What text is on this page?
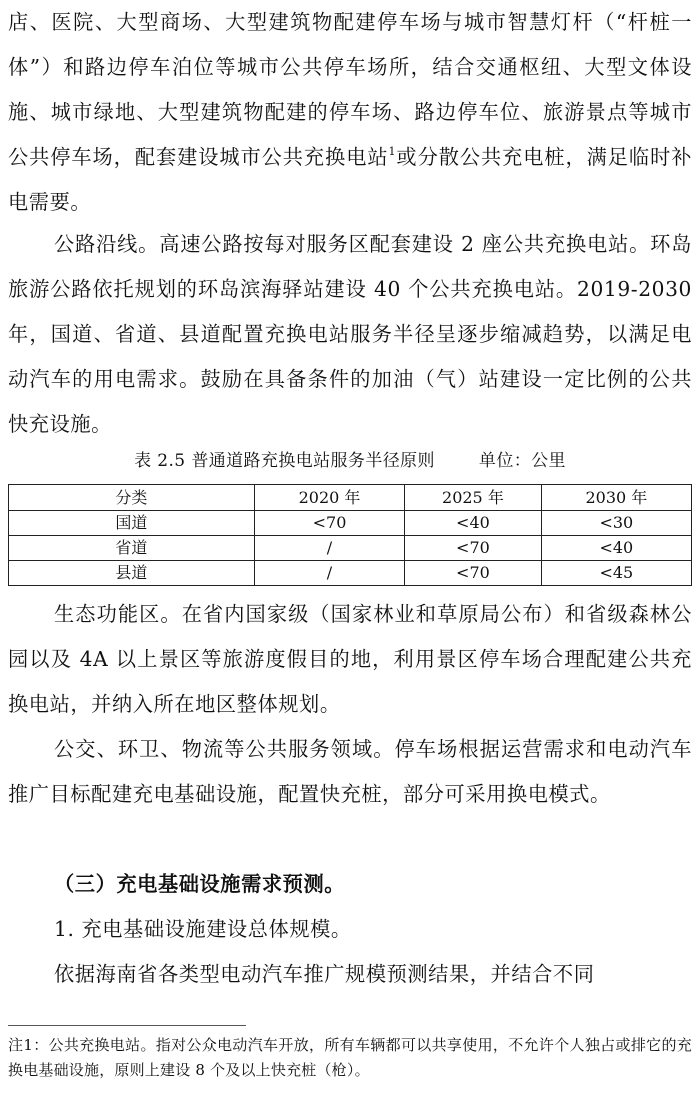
店、医院、大型商场、大型建筑物配建停车场与城市智慧灯杆（“杆桩一体”）和路边停车泊位等城市公共停车场所，结合交通枢纽、大型文体设施、城市绿地、大型建筑物配建的停车场、路边停车位、旅游景点等城市公共停车场，配套建设城市公共充换电站$^1$或分散公共充电桩，满足临时补电需要。

公路沿线。高速公路按每对服务区配套建设 2 座公共充换电站。环岛旅游公路依托规划的环岛滨海驿站建设 40 个公共充换电站。2019-2030 年，国道、省道、县道配置充换电站服务半径呈逐步缩减趋势，以满足电动汽车的用电需求。鼓励在具备条件的加油（气）站建设一定比例的公共快充设施。

表 2.5 普通道路充换电站服务半径原则	单位：公里
分类	2020 年	2025 年	2030 年
国道	<70	<40	<30
省道	/	<70	<40
县道	/	<70	<45

生态功能区。在省内国家级（国家林业和草原局公布）和省级森林公园以及 4A 以上景区等旅游度假目的地，利用景区停车场合理配建公共充换电站，并纳入所在地区整体规划。

公交、环卫、物流等公共服务领域。停车场根据运营需求和电动汽车推广目标配建充电基础设施，配置快充桩，部分可采用换电模式。

（三）充电基础设施需求预测。

1. 充电基础设施建设总体规模。

依据海南省各类型电动汽车推广规模预测结果，并结合不同

注1：公共充换电站。指对公众电动汽车开放，所有车辆都可以共享使用，不允许个人独占或排它的充换电基础设施，原则上建设 8 个及以上快充桩（枪）。
